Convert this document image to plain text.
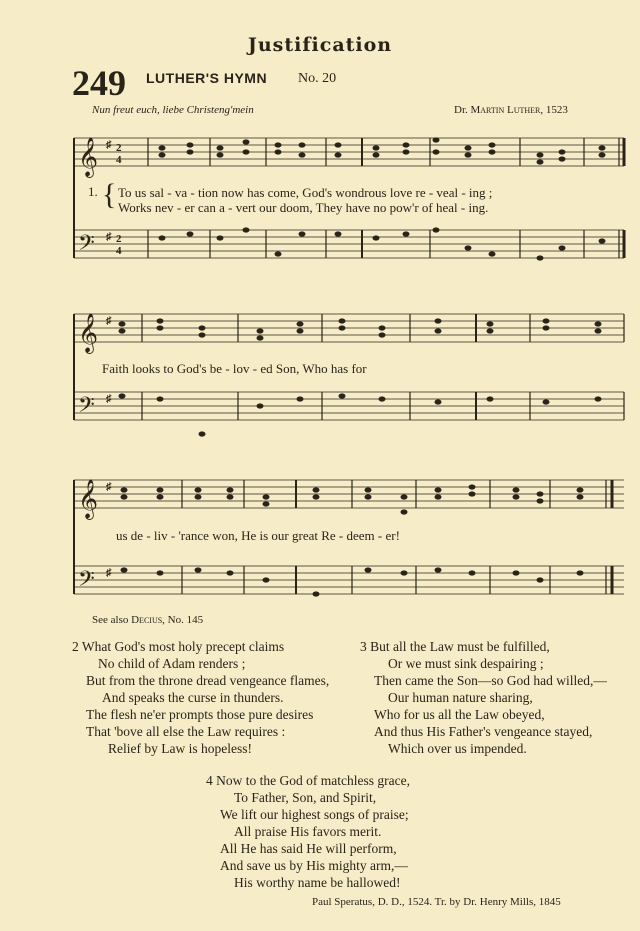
Justification
249 LUTHER'S HYMN No. 20
Nun freut euch, liebe Christeng'mein	Dr. Martin Luther, 1523
𝄞
𝄢
♯ 2
4
♯ 2
4
1. { To us sal - va - tion now has come, God's wondrous love re - veal - ing ;
Works nev - er can a - vert our doom, They have no pow'r of heal - ing.
𝄞
𝄢
♯
♯
Faith looks to God's be - lov - ed Son, Who has for
𝄞
𝄢
♯
♯
us de - liv - 'rance won, He is our great Re - deem - er!
See also Decius, No. 145
2 What God's most holy precept claims
No child of Adam renders ;
But from the throne dread vengeance flames,
And speaks the curse in thunders.
The flesh ne'er prompts those pure desires
That 'bove all else the Law requires :
Relief by Law is hopeless!
3 But all the Law must be fulfilled,
Or we must sink despairing ;
Then came the Son—so God had willed,—
Our human nature sharing,
Who for us all the Law obeyed,
And thus His Father's vengeance stayed,
Which over us impended.
4 Now to the God of matchless grace,
To Father, Son, and Spirit,
We lift our highest songs of praise;
All praise His favors merit.
All He has said He will perform,
And save us by His mighty arm,—
His worthy name be hallowed!
Paul Speratus, D. D., 1524. Tr. by Dr. Henry Mills, 1845
